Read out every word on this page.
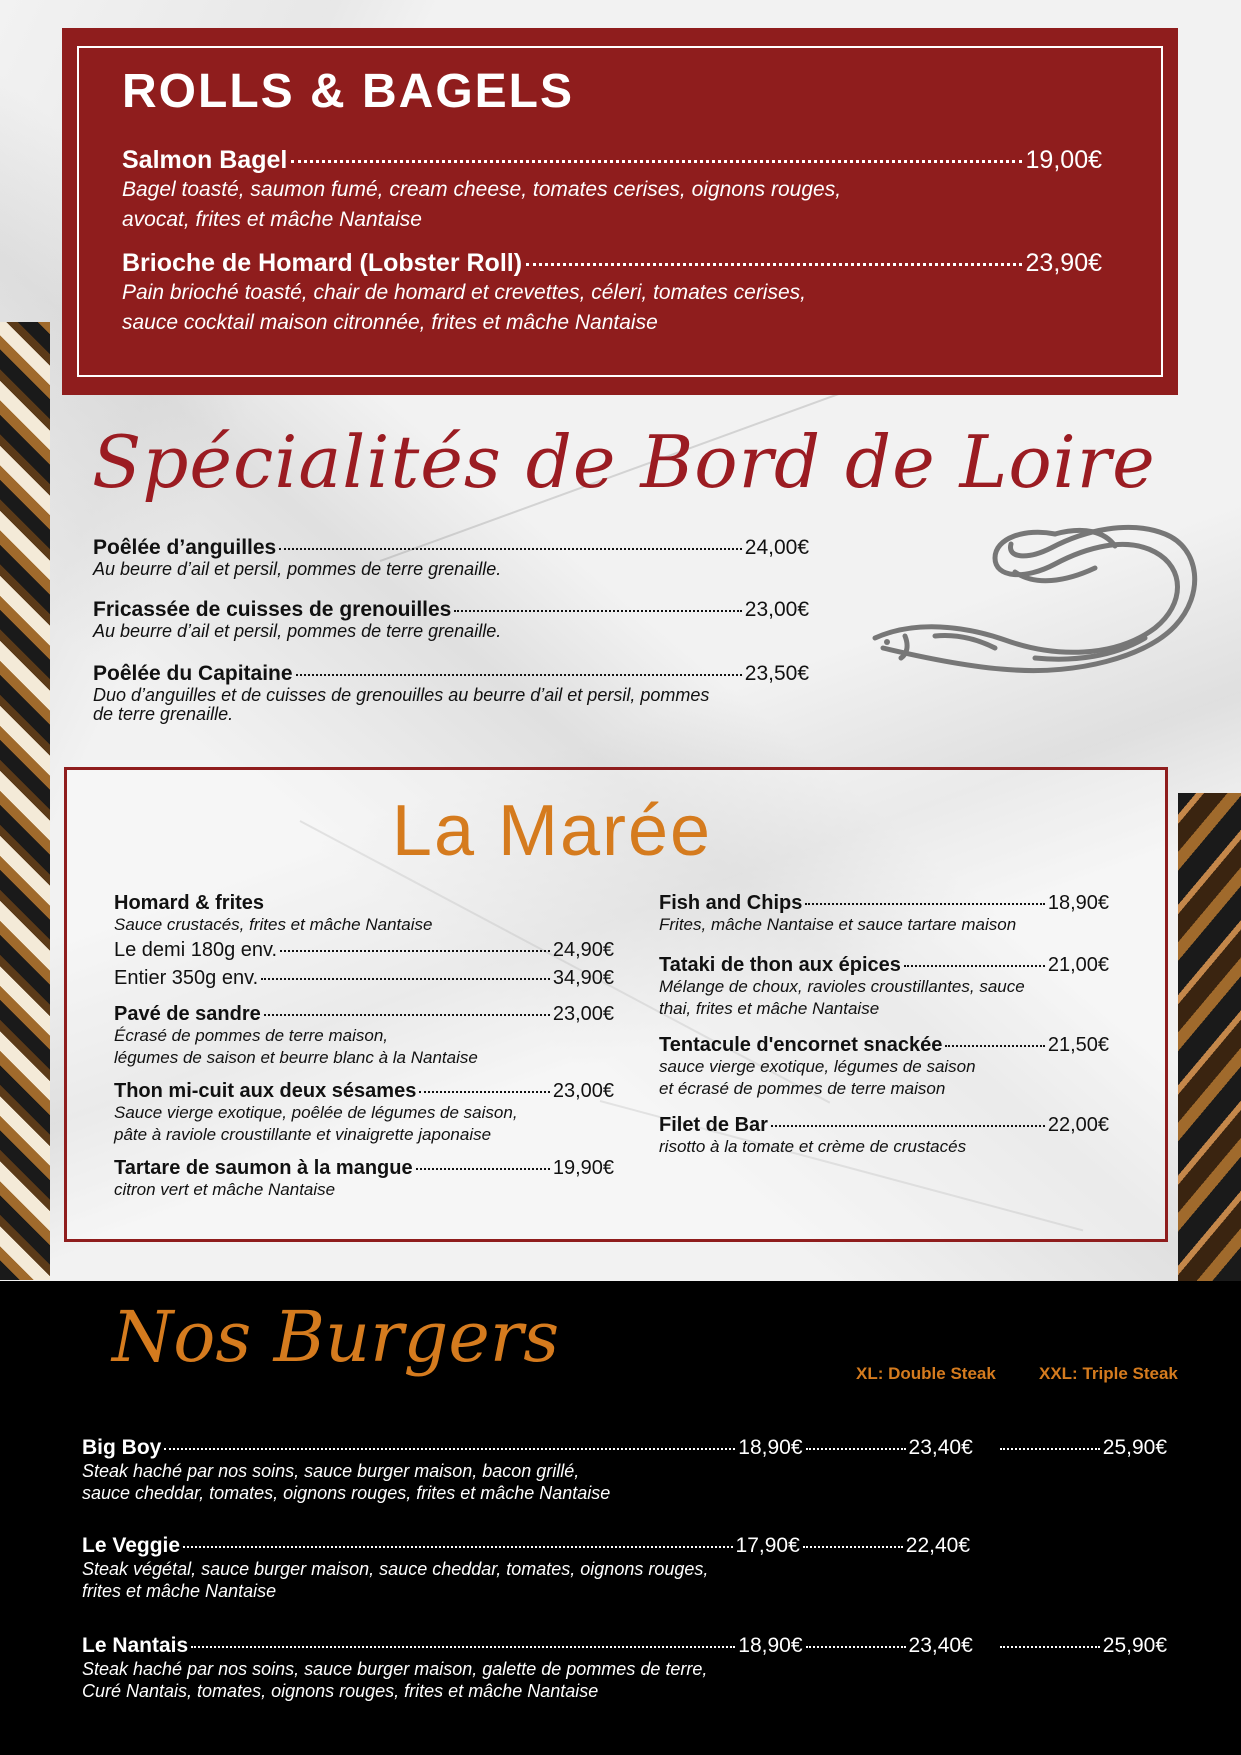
ROLLS & BAGELS
Salmon Bagel	19,00€
Bagel toasté, saumon fumé, cream cheese, tomates cerises, oignons rouges,
avocat, frites et mâche Nantaise
Brioche de Homard (Lobster Roll)	23,90€
Pain brioché toasté, chair de homard et crevettes, céleri, tomates cerises,
sauce cocktail maison citronnée, frites et mâche Nantaise
Spécialités de Bord de Loire
Poêlée d’anguilles	24,00€
Au beurre d’ail et persil, pommes de terre grenaille.
Fricassée de cuisses de grenouilles	23,00€
Au beurre d’ail et persil, pommes de terre grenaille.
Poêlée du Capitaine	23,50€
Duo d’anguilles et de cuisses de grenouilles au beurre d’ail et persil, pommes
de terre grenaille.
La Marée
Homard & frites
Sauce crustacés, frites et mâche Nantaise
Le demi 180g env.	24,90€
Entier 350g env.	34,90€
Pavé de sandre	23,00€
Écrasé de pommes de terre maison,
légumes de saison et beurre blanc à la Nantaise
Thon mi-cuit aux deux sésames	23,00€
Sauce vierge exotique, poêlée de légumes de saison,
pâte à raviole croustillante et vinaigrette japonaise
Tartare de saumon à la mangue	19,90€
citron vert et mâche Nantaise
Fish and Chips	18,90€
Frites, mâche Nantaise et sauce tartare maison
Tataki de thon aux épices	21,00€
Mélange de choux, ravioles croustillantes, sauce
thai, frites et mâche Nantaise
Tentacule d'encornet snackée	21,50€
sauce vierge exotique, légumes de saison
et écrasé de pommes de terre maison
Filet de Bar	22,00€
risotto à la tomate et crème de crustacés
Nos Burgers	XL: Double Steak	XXL: Triple Steak
Big Boy	18,90€	23,40€	25,90€
Steak haché par nos soins, sauce burger maison, bacon grillé,
sauce cheddar, tomates, oignons rouges, frites et mâche Nantaise
Le Veggie	17,90€	22,40€
Steak végétal, sauce burger maison, sauce cheddar, tomates, oignons rouges,
frites et mâche Nantaise
Le Nantais	18,90€	23,40€	25,90€
Steak haché par nos soins, sauce burger maison, galette de pommes de terre,
Curé Nantais, tomates, oignons rouges, frites et mâche Nantaise
